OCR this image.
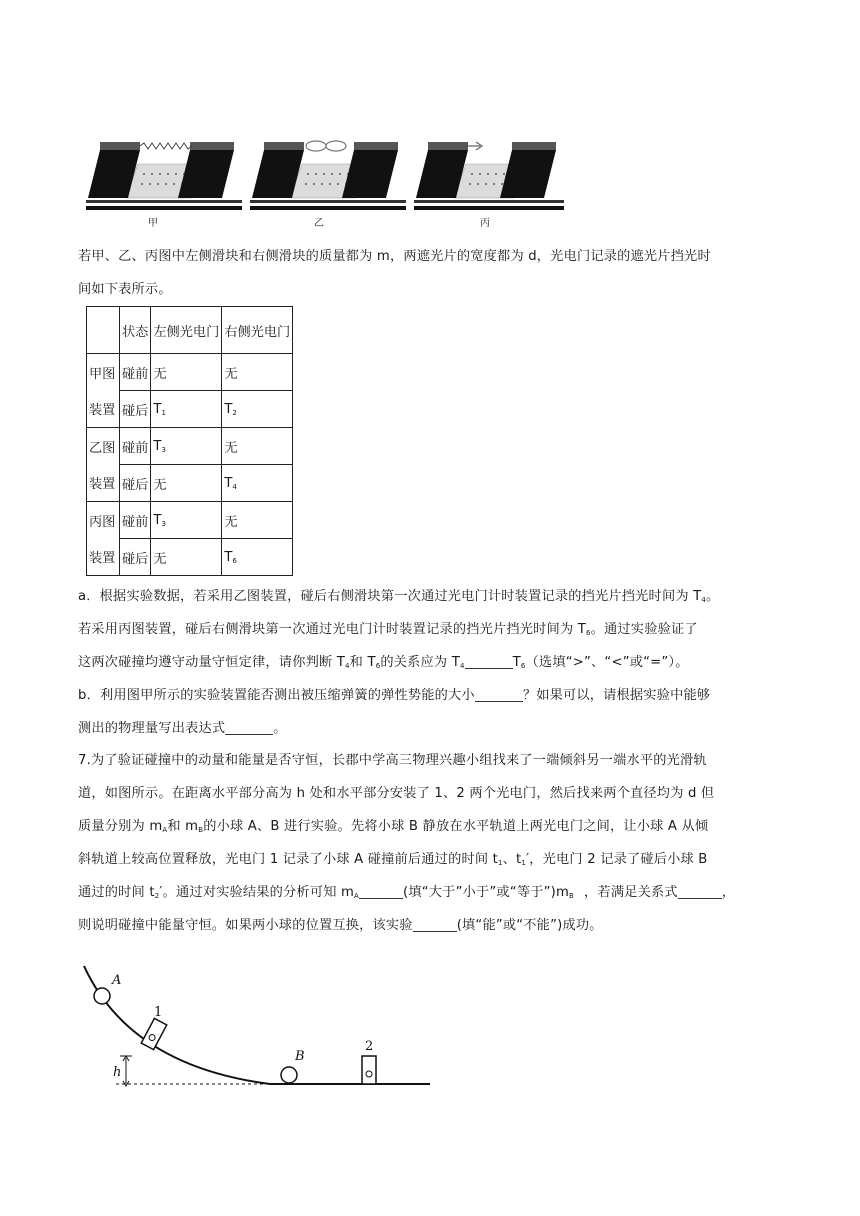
甲	乙	丙
若甲、乙、丙图中左侧滑块和右侧滑块的质量都为 m，两遮光片的宽度都为 d，光电门记录的遮光片挡光时
间如下表所示。
	状态	左侧光电门	右侧光电门

甲图
装置	碰前	无	无
	碰后	$T_1$	$T_2$

乙图
装置	碰前	$T_3$	无
	碰后	无	$T_4$

丙图
装置	碰前	$T_3$	无
	碰后	无	$T_6$
a．根据实验数据，若采用乙图装置，碰后右侧滑块第一次通过光电门计时装置记录的挡光片挡光时间为 $T_4$。
若采用丙图装置，碰后右侧滑块第一次通过光电门计时装置记录的挡光片挡光时间为 $T_6$。通过实验验证了
这两次碰撞均遵守动量守恒定律，请你判断 $T_4$和 $T_6$的关系应为 $T_4$	$T_6$（选填“>”、“<”或“=”）。
b．利用图甲所示的实验装置能否测出被压缩弹簧的弹性势能的大小	？如果可以，请根据实验中能够
测出的物理量写出表达式	。
7.为了验证碰撞中的动量和能量是否守恒，长郡中学高三物理兴趣小组找来了一端倾斜另一端水平的光滑轨
道，如图所示。在距离水平部分高为 h 处和水平部分安装了 1、2 两个光电门，然后找来两个直径均为 d 但
质量分别为 $m_A$和 $m_B$的小球 A、B 进行实验。先将小球 B 静放在水平轨道上两光电门之间，让小球 A 从倾
斜轨道上较高位置释放，光电门 1 记录了小球 A 碰撞前后通过的时间 $t_1$、$t_1'$，光电门 2 记录了碰后小球 B
通过的时间 $t_2'$。通过对实验结果的分析可知 $m_A$	(填“大于”小于”或“等于$”)m_B$ ，若满足关系式	，
则说明碰撞中能量守恒。如果两小球的位置互换，该实验	(填“能”或“不能”)成功。
A
1
h
B
2
